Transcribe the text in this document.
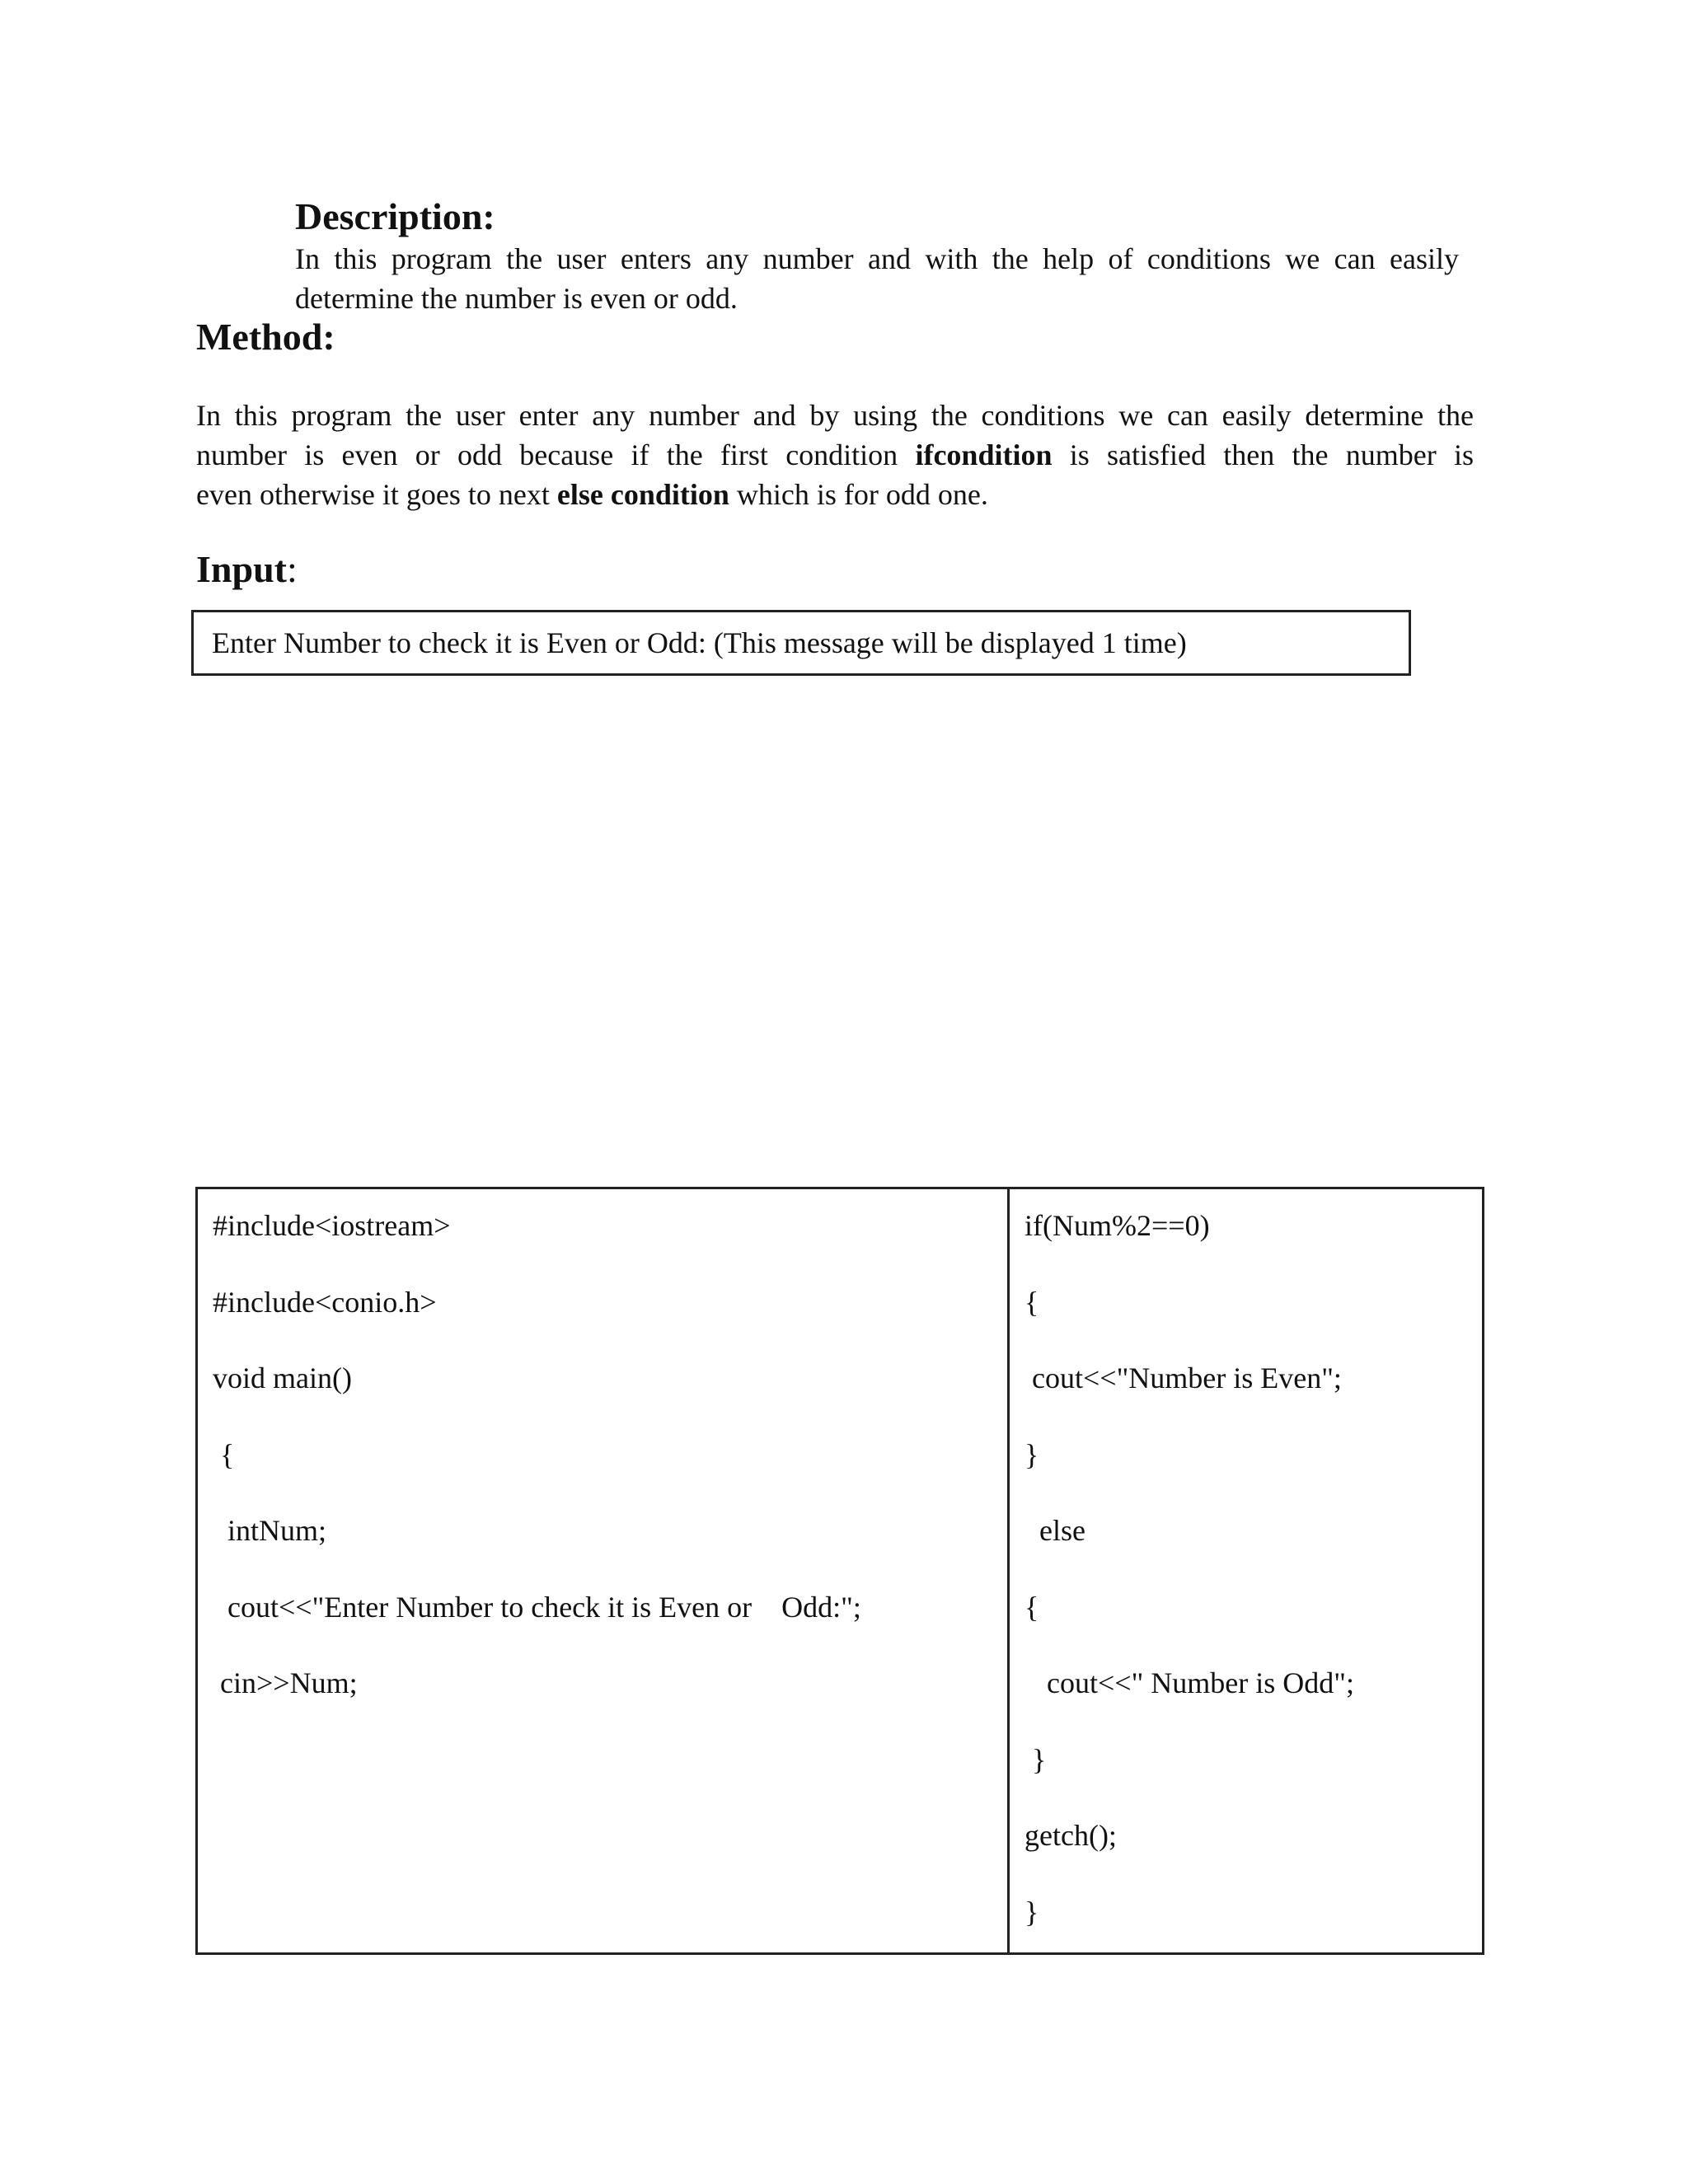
Description:
In this program the user enters any number and with the help of conditions we can easily
determine the number is even or odd.
Method:
In this program the user enter any number and by using the conditions we can easily determine the
number is even or odd because if the first condition ifcondition is satisfied then the number is
even otherwise it goes to next else condition which is for odd one.
Input:
Enter Number to check it is Even or Odd: (This message will be displayed 1 time)
#include<iostream>
#include<conio.h>
void main()
{
intNum;
cout<<"Enter Number to check it is Even or    Odd:";
cin>>Num;
if(Num%2==0)
{
cout<<"Number is Even";
}
else
{
cout<<" Number is Odd";
}
getch();
}
